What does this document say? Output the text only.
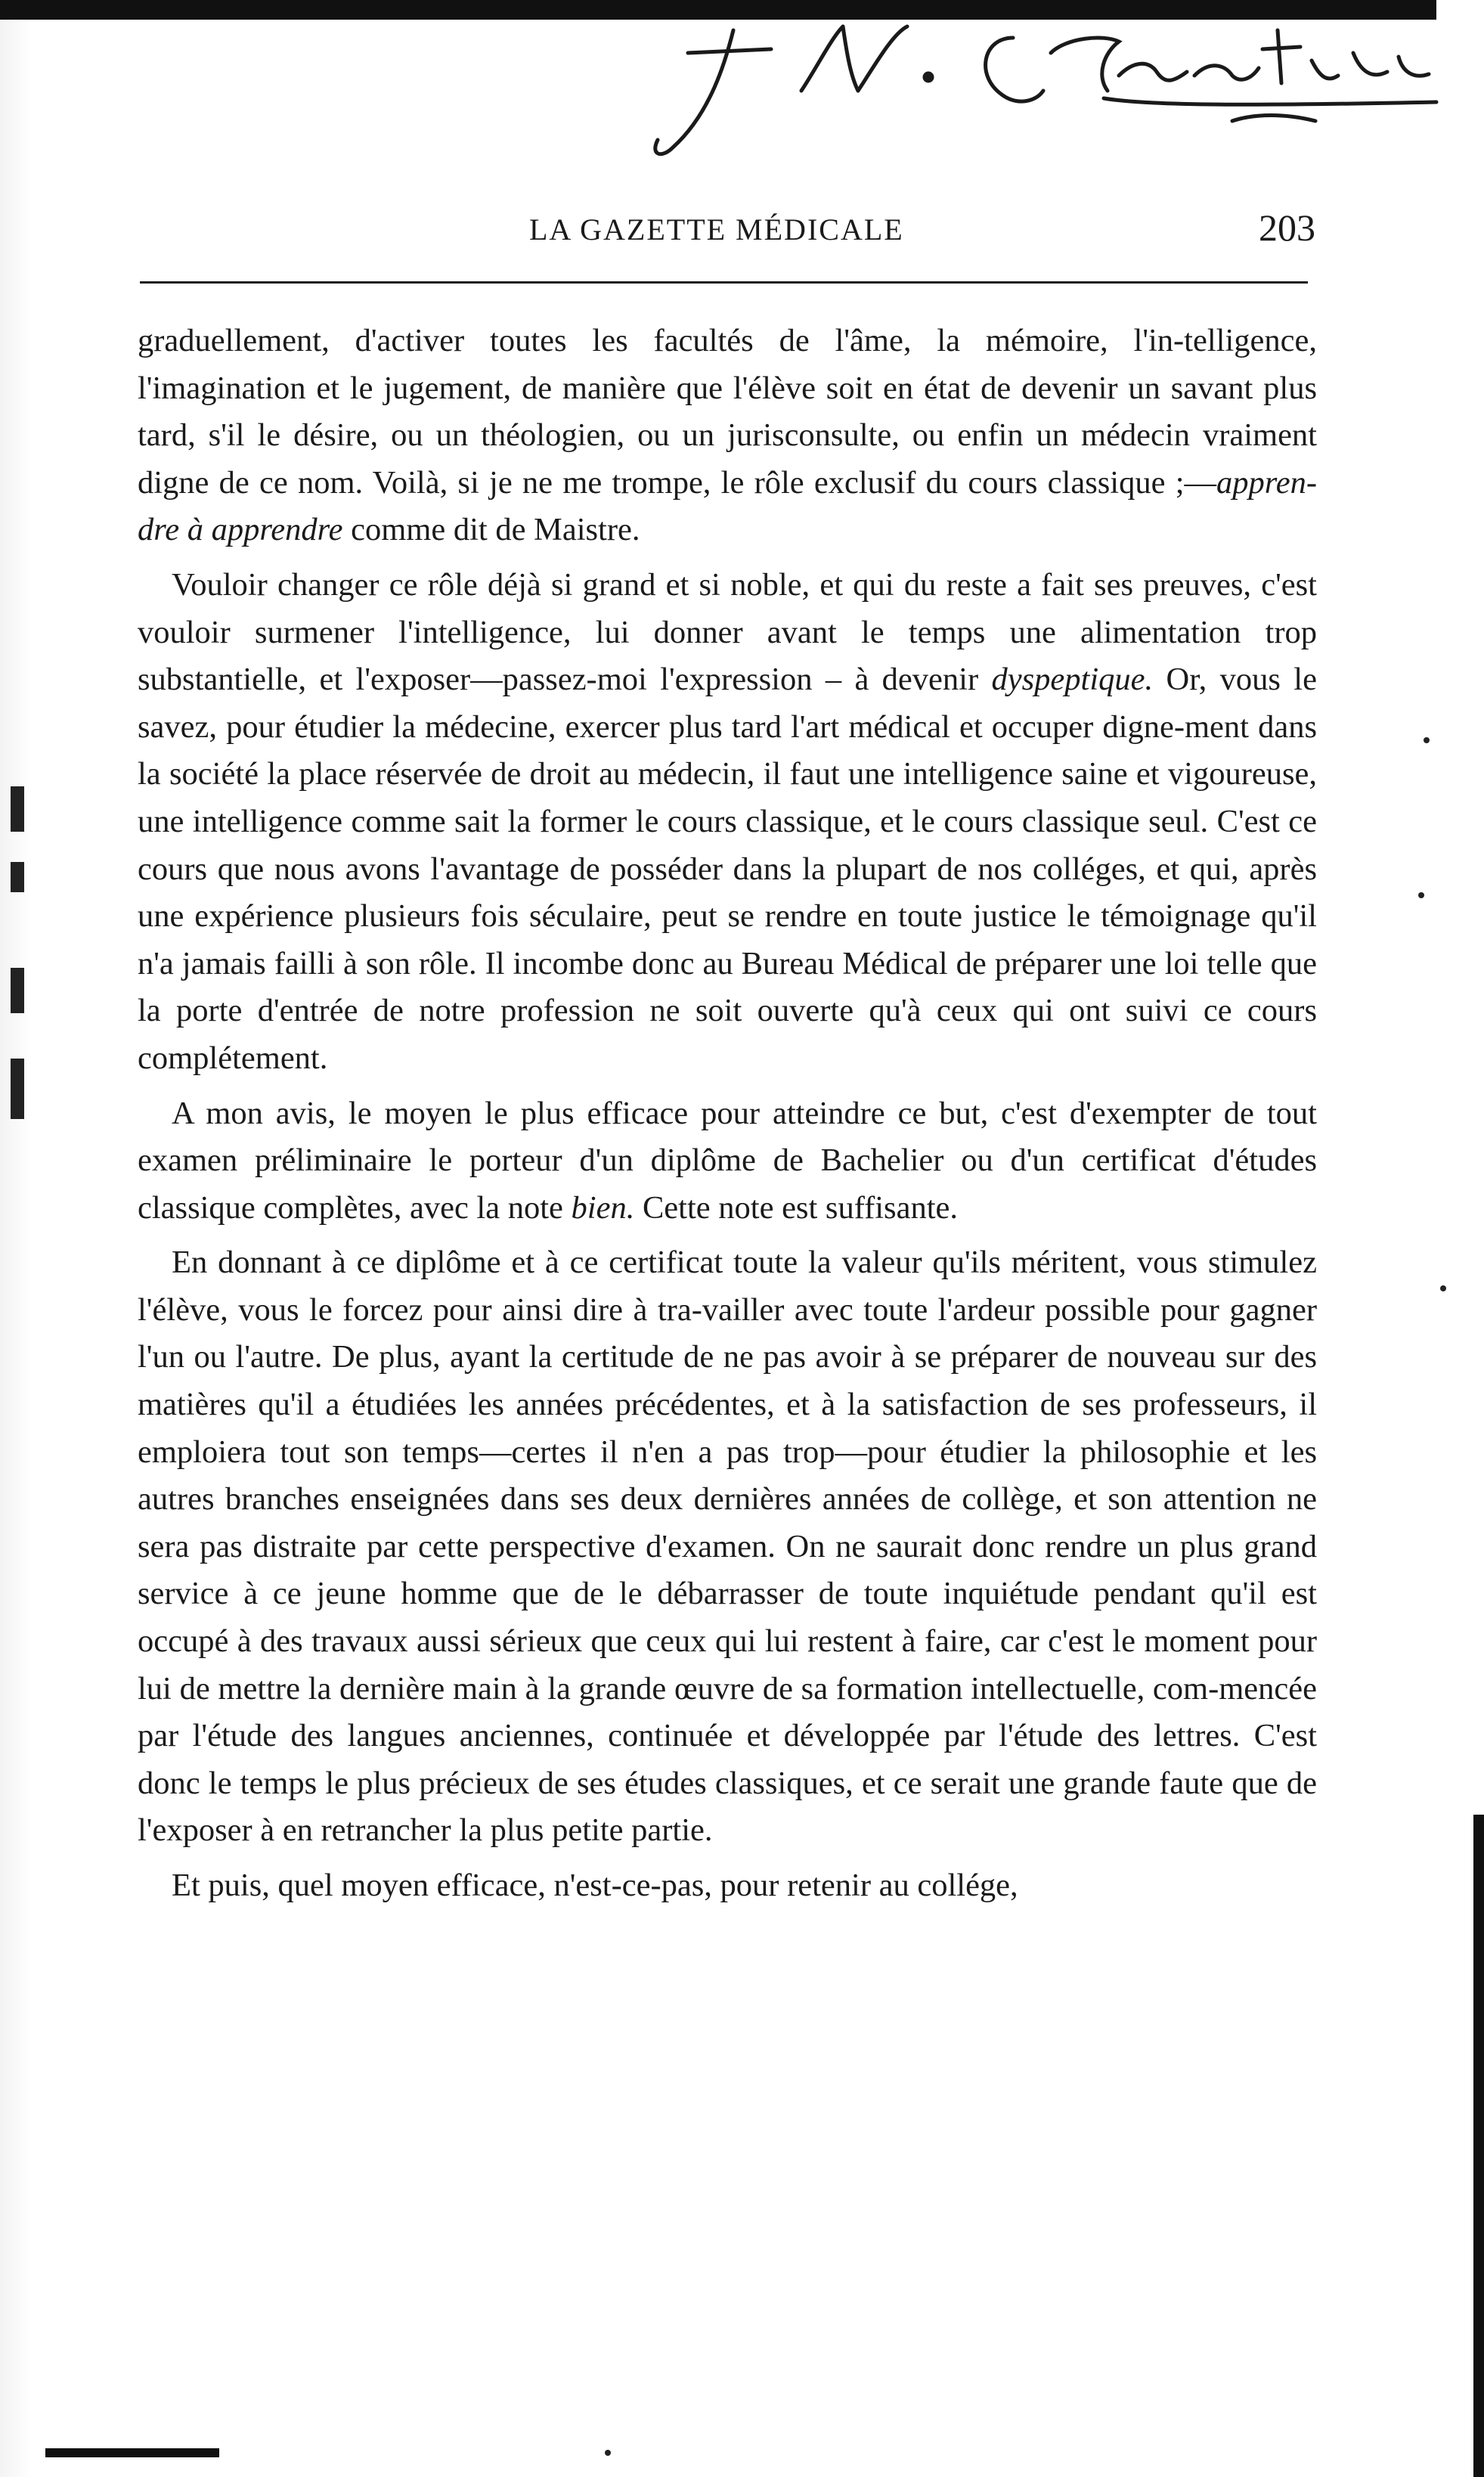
J. N. Chartier
LA GAZETTE MÉDICALE	203

graduellement, d'activer toutes les facultés de l'âme, la mémoire, l'in-telligence, l'imagination et le jugement, de manière que l'élève soit en état de devenir un savant plus tard, s'il le désire, ou un théologien, ou un jurisconsulte, ou enfin un médecin vraiment digne de ce nom. Voilà, si je ne me trompe, le rôle exclusif du cours classique ;—appren-dre à apprendre comme dit de Maistre.

Vouloir changer ce rôle déjà si grand et si noble, et qui du reste a fait ses preuves, c'est vouloir surmener l'intelligence, lui donner avant le temps une alimentation trop substantielle, et l'exposer—passez-moi l'expression – à devenir dyspeptique. Or, vous le savez, pour étudier la médecine, exercer plus tard l'art médical et occuper digne-ment dans la société la place réservée de droit au médecin, il faut une intelligence saine et vigoureuse, une intelligence comme sait la former le cours classique, et le cours classique seul. C'est ce cours que nous avons l'avantage de posséder dans la plupart de nos colléges, et qui, après une expérience plusieurs fois séculaire, peut se rendre en toute justice le témoignage qu'il n'a jamais failli à son rôle. Il incombe donc au Bureau Médical de préparer une loi telle que la porte d'entrée de notre profession ne soit ouverte qu'à ceux qui ont suivi ce cours complétement.

A mon avis, le moyen le plus efficace pour atteindre ce but, c'est d'exempter de tout examen préliminaire le porteur d'un diplôme de Bachelier ou d'un certificat d'études classique complètes, avec la note bien. Cette note est suffisante.

En donnant à ce diplôme et à ce certificat toute la valeur qu'ils méritent, vous stimulez l'élève, vous le forcez pour ainsi dire à tra-vailler avec toute l'ardeur possible pour gagner l'un ou l'autre. De plus, ayant la certitude de ne pas avoir à se préparer de nouveau sur des matières qu'il a étudiées les années précédentes, et à la satisfaction de ses professeurs, il emploiera tout son temps—certes il n'en a pas trop—pour étudier la philosophie et les autres branches enseignées dans ses deux dernières années de collège, et son attention ne sera pas distraite par cette perspective d'examen. On ne saurait donc rendre un plus grand service à ce jeune homme que de le débarrasser de toute inquiétude pendant qu'il est occupé à des travaux aussi sérieux que ceux qui lui restent à faire, car c'est le moment pour lui de mettre la dernière main à la grande œuvre de sa formation intellectuelle, com-mencée par l'étude des langues anciennes, continuée et développée par l'étude des lettres. C'est donc le temps le plus précieux de ses études classiques, et ce serait une grande faute que de l'exposer à en retrancher la plus petite partie.

Et puis, quel moyen efficace, n'est-ce-pas, pour retenir au collége,
